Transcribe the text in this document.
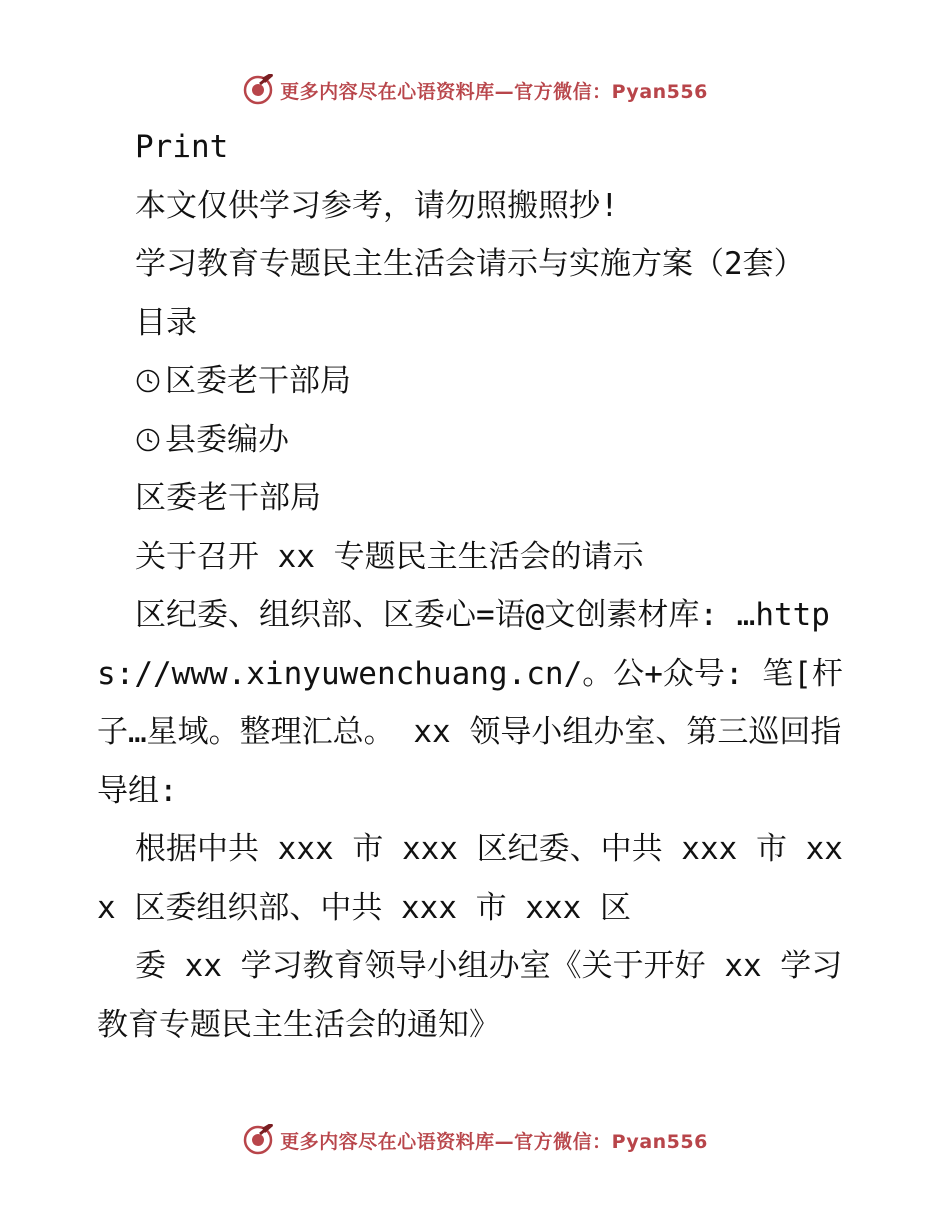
更多内容尽在心语资料库—官方微信：Pyan556

Print

本文仅供学习参考，请勿照搬照抄!

学习教育专题民主生活会请示与实施方案（2套）

目录

区委老干部局

县委编办

区委老干部局

关于召开 xx 专题民主生活会的请示

区纪委、组织部、区委心=语@文创素材库: …https://www.xinyuwenchuang.cn/。公+众号: 笔[杆子…星域。整理汇总。 xx 领导小组办室、第三巡回指导组:

根据中共 xxx 市 xxx 区纪委、中共 xxx 市 xxx 区委组织部、中共 xxx 市 xxx 区

委 xx 学习教育领导小组办室《关于开好 xx 学习教育专题民主生活会的通知》

更多内容尽在心语资料库—官方微信：Pyan556
